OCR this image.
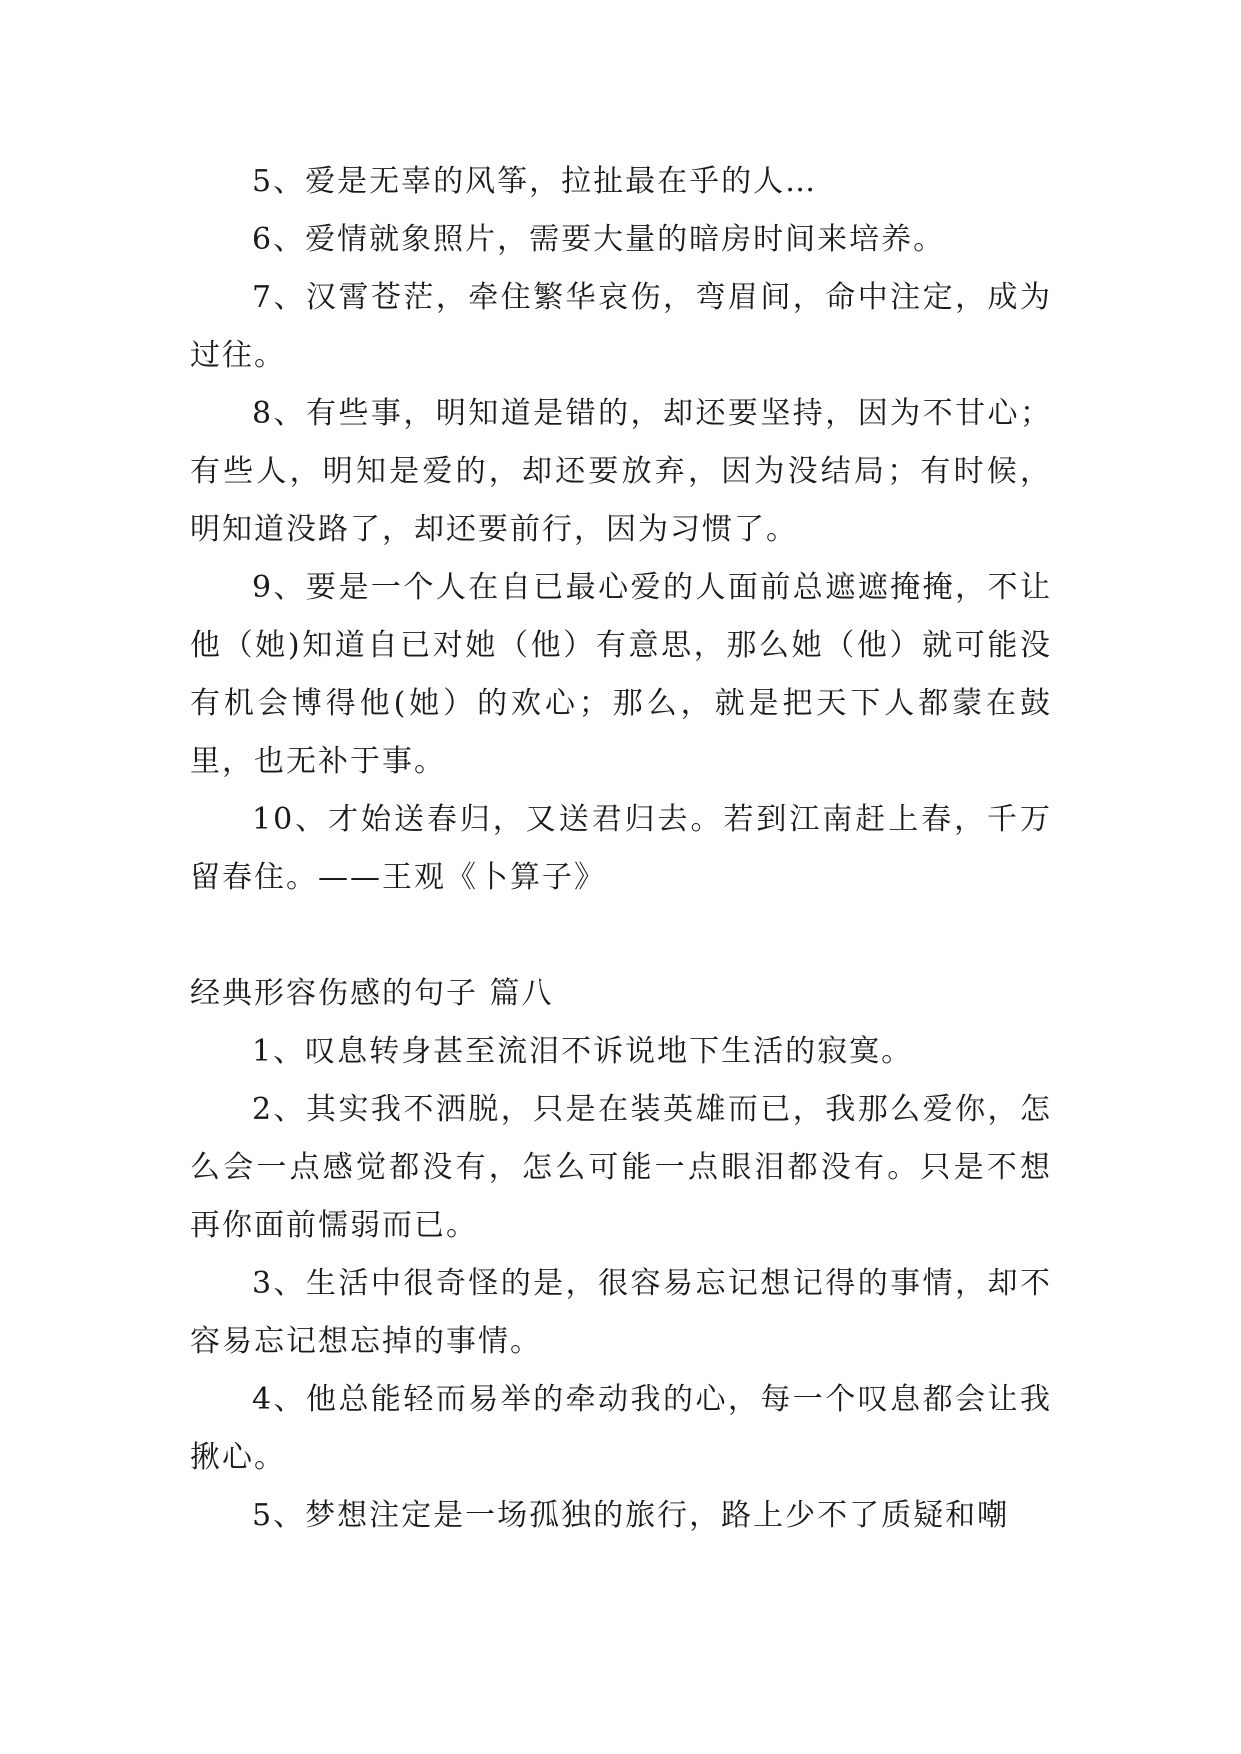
5、爱是无辜的风筝，拉扯最在乎的人…

6、爱情就象照片，需要大量的暗房时间来培养。

7、汉霄苍茫，牵住繁华哀伤，弯眉间，命中注定，成为过往。

8、有些事，明知道是错的，却还要坚持，因为不甘心；有些人，明知是爱的，却还要放弃，因为没结局；有时候，明知道没路了，却还要前行，因为习惯了。

9、要是一个人在自已最心爱的人面前总遮遮掩掩，不让他（她)知道自已对她（他）有意思，那么她（他）就可能没有机会博得他(她）的欢心；那么，就是把天下人都蒙在鼓里，也无补于事。

10、才始送春归，又送君归去。若到江南赶上春，千万留春住。——王观《卜算子》

经典形容伤感的句子 篇八

1、叹息转身甚至流泪不诉说地下生活的寂寞。

2、其实我不洒脱，只是在装英雄而已，我那么爱你，怎么会一点感觉都没有，怎么可能一点眼泪都没有。只是不想再你面前懦弱而已。

3、生活中很奇怪的是，很容易忘记想记得的事情，却不容易忘记想忘掉的事情。

4、他总能轻而易举的牵动我的心，每一个叹息都会让我揪心。

5、梦想注定是一场孤独的旅行，路上少不了质疑和嘲
